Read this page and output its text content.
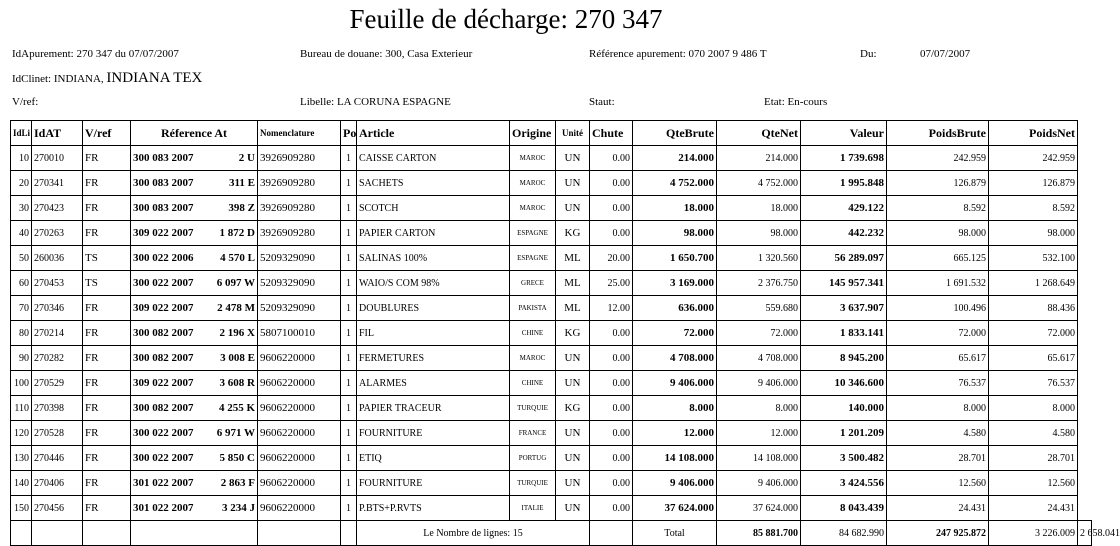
Feuille de décharge: 270 347
IdApurement: 270 347 du 07/07/2007	Bureau de douane: 300, Casa Exterieur	Référence apurement: 070 2007 9 486 T	Du:	07/07/2007
IdClinet: INDIANA, INDIANA TEX
V/ref:	Libelle: LA CORUNA ESPAGNE	Staut:	Etat: En-cours
IdLi	IdAT	V/ref	Réference At	Nomenclature	Po	Article	Origine	Unité	Chute	QteBrute	QteNet	Valeur	PoidsBrute	PoidsNet	
10	270010	FR	300 083 2007 2 U	3926909280	1	CAISSE CARTON	MAROC	UN	0.00	214.000	214.000	1 739.698	242.959	242.959	
20	270341	FR	300 083 2007 311 E	3926909280	1	SACHETS	MAROC	UN	0.00	4 752.000	4 752.000	1 995.848	126.879	126.879	
30	270423	FR	300 083 2007 398 Z	3926909280	1	SCOTCH	MAROC	UN	0.00	18.000	18.000	429.122	8.592	8.592	
40	270263	FR	309 022 2007 1 872 D	3926909280	1	PAPIER CARTON	ESPAGNE	KG	0.00	98.000	98.000	442.232	98.000	98.000	
50	260036	TS	300 022 2006 4 570 L	5209329090	1	SALINAS 100%	ESPAGNE	ML	20.00	1 650.700	1 320.560	56 289.097	665.125	532.100	
60	270453	TS	300 022 2007 6 097 W	5209329090	1	WAIO/S COM 98%	GRECE	ML	25.00	3 169.000	2 376.750	145 957.341	1 691.532	1 268.649	
70	270346	FR	309 022 2007 2 478 M	5209329090	1	DOUBLURES	PAKISTA	ML	12.00	636.000	559.680	3 637.907	100.496	88.436	
80	270214	FR	300 082 2007 2 196 X	5807100010	1	FIL	CHINE	KG	0.00	72.000	72.000	1 833.141	72.000	72.000	
90	270282	FR	300 082 2007 3 008 E	9606220000	1	FERMETURES	MAROC	UN	0.00	4 708.000	4 708.000	8 945.200	65.617	65.617	
100	270529	FR	309 022 2007 3 608 R	9606220000	1	ALARMES	CHINE	UN	0.00	9 406.000	9 406.000	10 346.600	76.537	76.537	
110	270398	FR	300 082 2007 4 255 K	9606220000	1	PAPIER TRACEUR	TURQUIE	KG	0.00	8.000	8.000	140.000	8.000	8.000	
120	270528	FR	300 022 2007 6 971 W	9606220000	1	FOURNITURE	FRANCE	UN	0.00	12.000	12.000	1 201.209	4.580	4.580	
130	270446	FR	300 022 2007 5 850 C	9606220000	1	ETIQ	PORTUG	UN	0.00	14 108.000	14 108.000	3 500.482	28.701	28.701	
140	270406	FR	301 022 2007 2 863 F	9606220000	1	FOURNITURE	TURQUIE	UN	0.00	9 406.000	9 406.000	3 424.556	12.560	12.560	
150	270456	FR	301 022 2007 3 234 J	9606220000	1	P.BTS+P.RVTS	ITALIE	UN	0.00	37 624.000	37 624.000	8 043.439	24.431	24.431	
						Le Nombre de lignes: 15				Total	85 881.700	84 682.990	247 925.872	3 226.009	2 658.041
